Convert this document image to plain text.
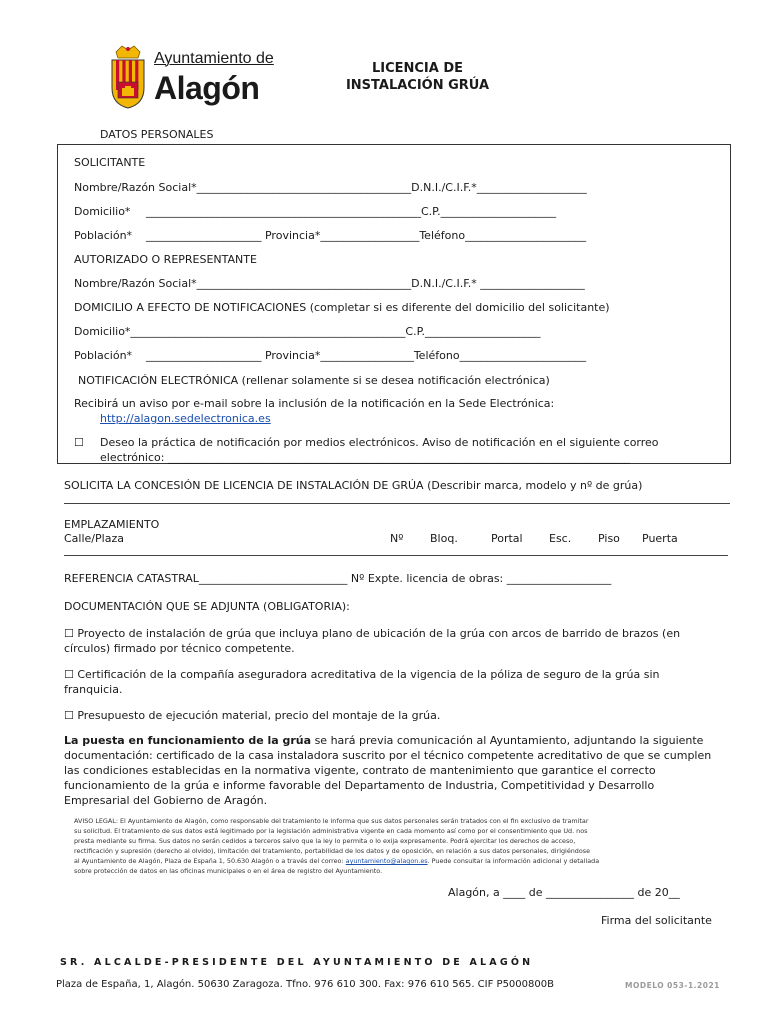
Ayuntamiento de
Alagón
LICENCIA DE
INSTALACIÓN GRÚA
DATOS PERSONALES
SOLICITANTE
Nombre/Razón Social*_______________________________________D.N.I./C.I.F.*____________________
Domicilio* __________________________________________________C.P._____________________
Población* _____________________ Provincia*__________________Teléfono______________________
AUTORIZADO O REPRESENTANTE
Nombre/Razón Social*_______________________________________D.N.I./C.I.F.* ___________________
DOMICILIO A EFECTO DE NOTIFICACIONES (completar si es diferente del domicilio del solicitante)
Domicilio*__________________________________________________C.P._____________________
Población* _____________________ Provincia*_________________Teléfono_______________________
NOTIFICACIÓN ELECTRÓNICA (rellenar solamente si se desea notificación electrónica)
Recibirá un aviso por e-mail sobre la inclusión de la notificación en la Sede Electrónica:
http://alagon.sedelectronica.es
☐ Deseo la práctica de notificación por medios electrónicos. Aviso de notificación en el siguiente correo
electrónico: ____________________________________________________________________________________
SOLICITA LA CONCESIÓN DE LICENCIA DE INSTALACIÓN DE GRÚA (Describir marca, modelo y nº de grúa)
EMPLAZAMIENTO
Calle/Plaza	Nº Bloq.	Portal Esc. Piso Puerta
REFERENCIA CATASTRAL___________________________ Nº Expte. licencia de obras: ___________________
DOCUMENTACIÓN QUE SE ADJUNTA (OBLIGATORIA):
☐ Proyecto de instalación de grúa que incluya plano de ubicación de la grúa con arcos de barrido de brazos (en
círculos) firmado por técnico competente.
☐ Certificación de la compañía aseguradora acreditativa de la vigencia de la póliza de seguro de la grúa sin
franquicia.
☐ Presupuesto de ejecución material, precio del montaje de la grúa.
La puesta en funcionamiento de la grúa se hará previa comunicación al Ayuntamiento, adjuntando la siguiente
documentación: certificado de la casa instaladora suscrito por el técnico competente acreditativo de que se cumplen
las condiciones establecidas en la normativa vigente, contrato de mantenimiento que garantice el correcto
funcionamiento de la grúa e informe favorable del Departamento de Industria, Competitividad y Desarrollo
Empresarial del Gobierno de Aragón.
AVISO LEGAL: El Ayuntamiento de Alagón, como responsable del tratamiento le informa que sus datos personales serán tratados con el fin exclusivo de tramitar
su solicitud. El tratamiento de sus datos está legitimado por la legislación administrativa vigente en cada momento así como por el consentimiento que Ud. nos
presta mediante su firma. Sus datos no serán cedidos a terceros salvo que la ley lo permita o lo exija expresamente. Podrá ejercitar los derechos de acceso,
rectificación y supresión (derecho al olvido), limitación del tratamiento, portabilidad de los datos y de oposición, en relación a sus datos personales, dirigiéndose
al Ayuntamiento de Alagón, Plaza de España 1, 50.630 Alagón o a través del correo: ayuntamiento@alagon.es. Puede consultar la información adicional y detallada
sobre protección de datos en las oficinas municipales o en el área de registro del Ayuntamiento.
Alagón, a ____ de ________________ de 20__
Firma del solicitante
SR. ALCALDE-PRESIDENTE DEL AYUNTAMIENTO DE ALAGÓN
Plaza de España, 1, Alagón. 50630 Zaragoza. Tfno. 976 610 300. Fax: 976 610 565. CIF P5000800B	MODELO 053-1.2021
